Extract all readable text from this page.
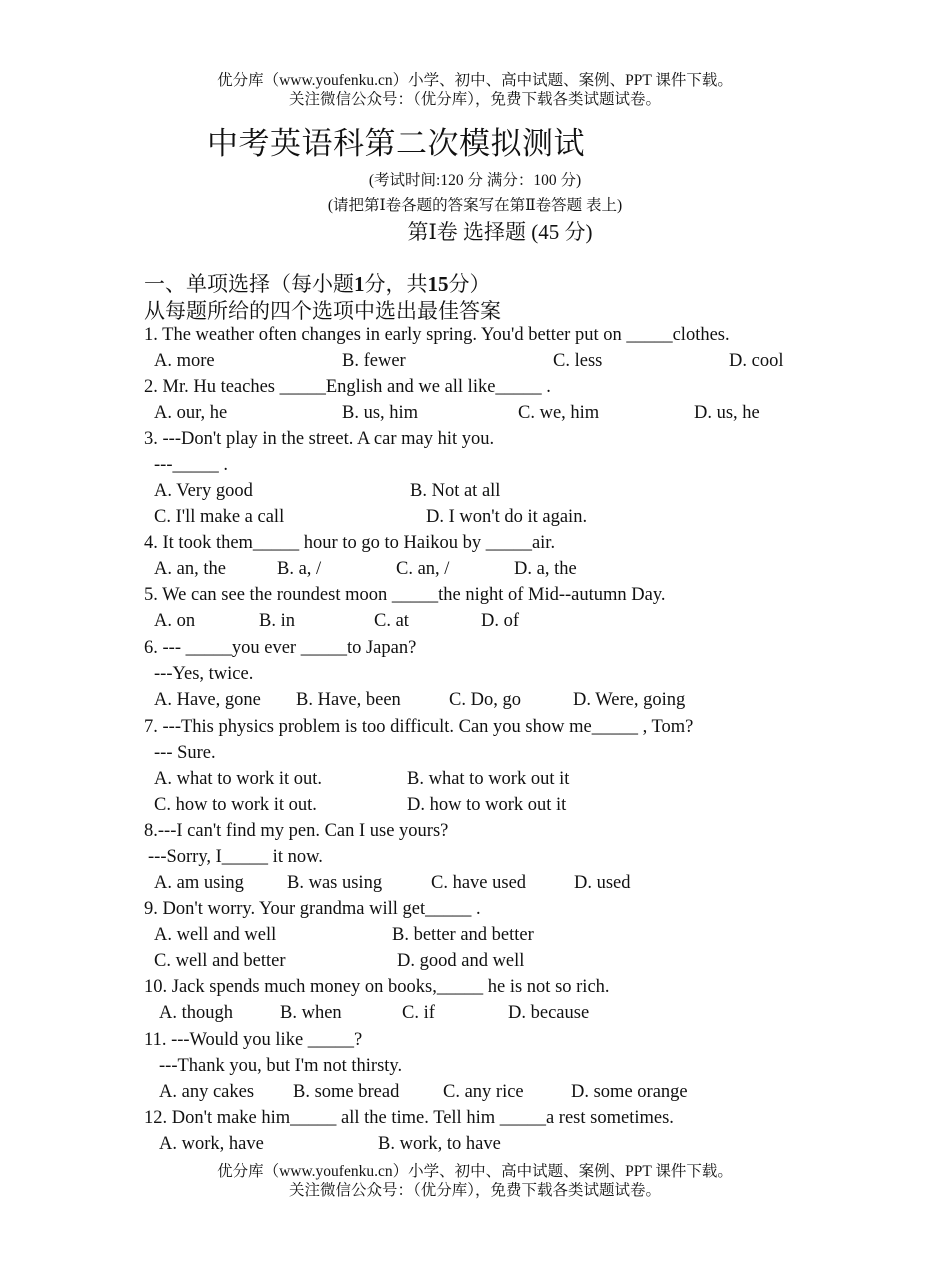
优分库（www.youfenku.cn）小学、初中、高中试题、案例、PPT 课件下载。
关注微信公众号：（优分库），免费下载各类试题试卷。
中考英语科第二次模拟测试
(考试时间:120 分 满分：100 分)
(请把第Ⅰ卷各题的答案写在第Ⅱ卷答题 表上)
第Ⅰ卷 选择题 (45 分)
一、单项选择（每小题1分，共15分）
从每题所给的四个选项中选出最佳答案
1. The weather often changes in early spring. You'd better put on _____clothes.
A. more	B. fewer	C. less	D. cool
2. Mr. Hu teaches _____English and we all like_____ .
A. our, he	B. us, him	C. we, him	D. us, he
3. ---Don't play in the street. A car may hit you.
---_____ .
A. Very good	B. Not at all
C. I'll make a call	D. I won't do it again.
4. It took them_____ hour to go to Haikou by _____air.
A. an, the	B. a, /	C. an, /	D. a, the
5. We can see the roundest moon _____the night of Mid--autumn Day.
A. on	B. in	C. at	D. of
6. --- _____you ever _____to Japan?
---Yes, twice.
A. Have, gone B. Have, been	C. Do, go	D. Were, going
7. ---This physics problem is too difficult. Can you show me_____ , Tom?
--- Sure.
A. what to work it out.	B. what to work out it
C. how to work it out.	D. how to work out it
8.---I can't find my pen. Can I use yours?
---Sorry, I_____ it now.
A. am using B. was using	C. have used	D. used
9. Don't worry. Your grandma will get_____ .
A. well and well	B. better and better
C. well and better	D. good and well
10. Jack spends much money on books,_____ he is not so rich.
A. though	B. when	C. if	D. because
11. ---Would you like _____?
---Thank you, but I'm not thirsty.
A. any cakes B. some bread C. any rice	D. some orange
12. Don't make him_____ all the time. Tell him _____a rest sometimes.
A. work, have	B. work, to have
优分库（www.youfenku.cn）小学、初中、高中试题、案例、PPT 课件下载。
关注微信公众号：（优分库），免费下载各类试题试卷。
